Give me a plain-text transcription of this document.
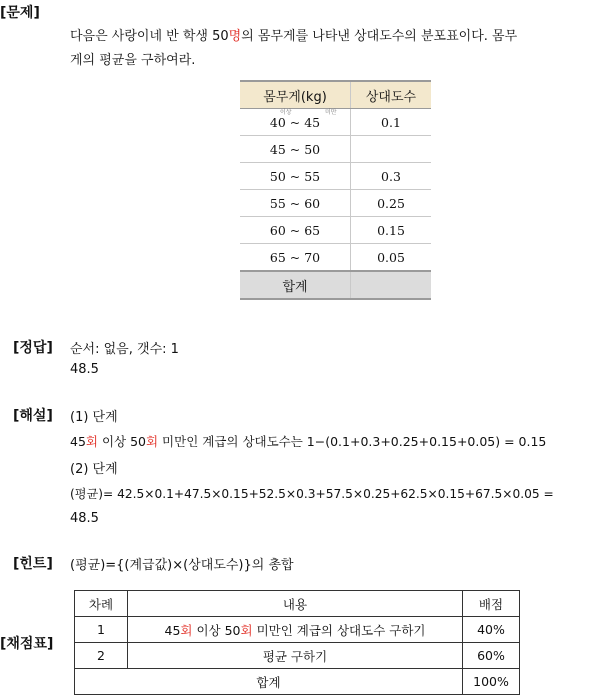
[문제]
다음은 사랑이네 반 학생 50명의 몸무게를 나타낸 상대도수의 분포표이다. 몸무
게의 평균을 구하여라.
몸무게(kg)	상대도수
40 ~ 45	0.1
45 ~ 50	
50 ~ 55	0.3
55 ~ 60	0.25
60 ~ 65	0.15
65 ~ 70	0.05
합계	
이상	미만
[정답] 순서: 없음, 갯수: 1
48.5
[해설] (1) 단계
45회 이상 50회 미만인 계급의 상대도수는 1−(0.1+0.3+0.25+0.15+0.05) = 0.15
(2) 단계
(평균)= 42.5×0.1+47.5×0.15+52.5×0.3+57.5×0.25+62.5×0.15+67.5×0.05 =
48.5
[힌트] (평균)={(계급값)×(상대도수)}의 총합
[채점표]
차례	내용	배점
1	45회 이상 50회 미만인 계급의 상대도수 구하기	40%
2	평균 구하기	60%
합계		100%
